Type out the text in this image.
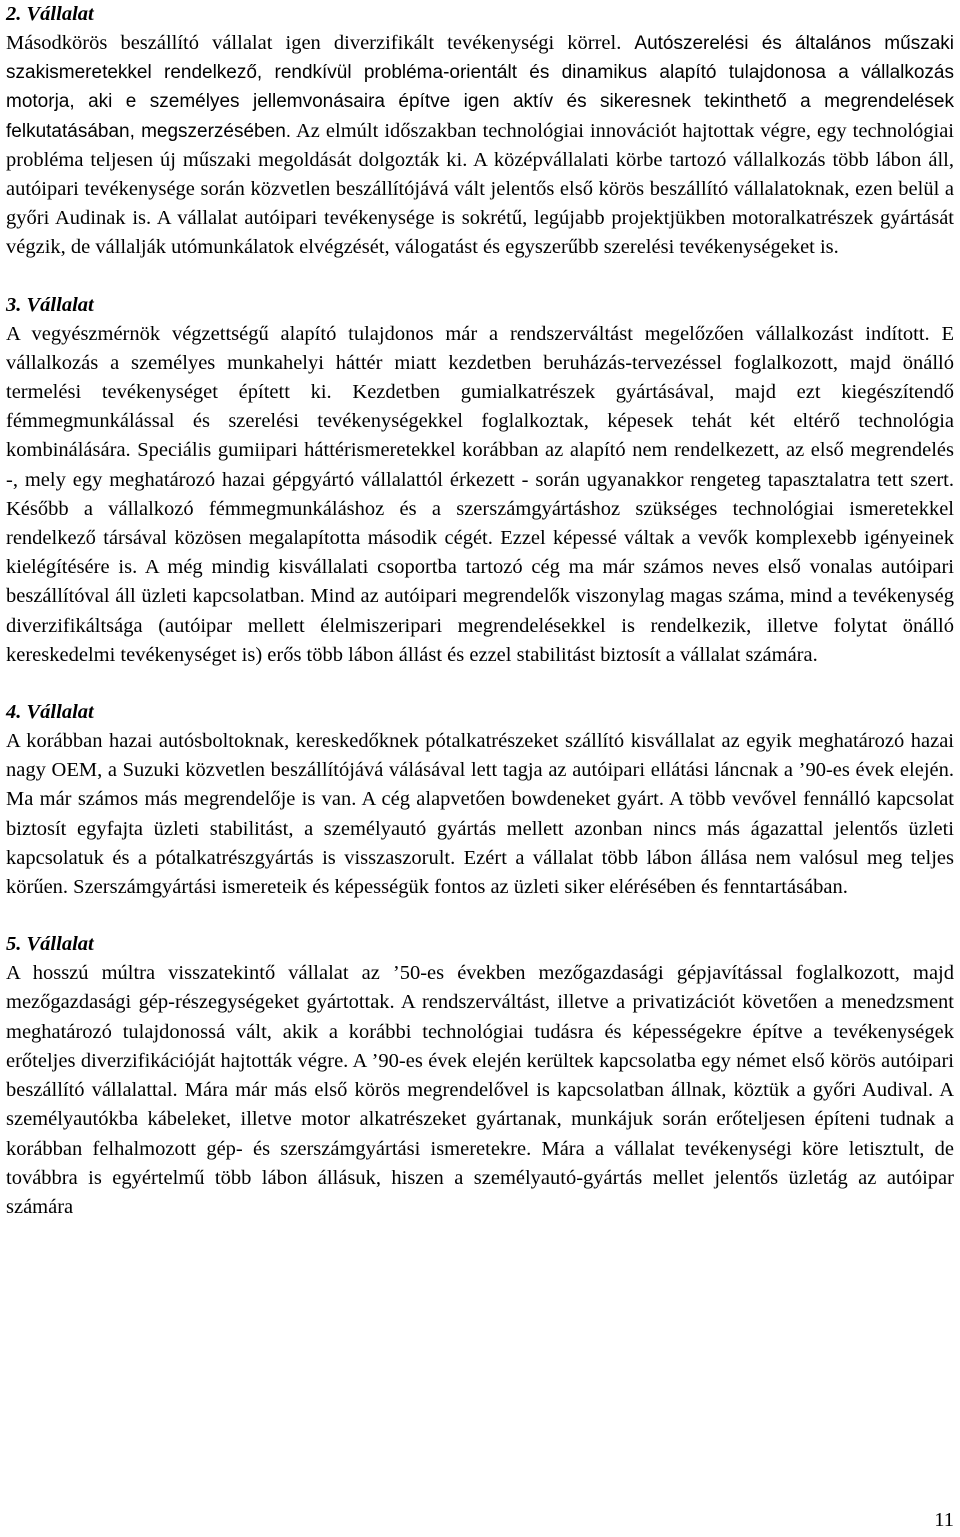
2. Vállalat

Másodkörös beszállító vállalat igen diverzifikált tevékenységi körrel. Autószerelési és általános műszaki szakismeretekkel rendelkező, rendkívül probléma-orientált és dinamikus alapító tulajdonosa a vállalkozás motorja, aki e személyes jellemvonásaira építve igen aktív és sikeresnek tekinthető a megrendelések felkutatásában, megszerzésében. Az elmúlt időszakban technológiai innovációt hajtottak végre, egy technológiai probléma teljesen új műszaki megoldását dolgozták ki. A középvállalati körbe tartozó vállalkozás több lábon áll, autóipari tevékenysége során közvetlen beszállítójává vált jelentős első körös beszállító vállalatoknak, ezen belül a győri Audinak is. A vállalat autóipari tevékenysége is sokrétű, legújabb projektjükben motoralkatrészek gyártását végzik, de vállalják utómunkálatok elvégzését, válogatást és egyszerűbb szerelési tevékenységeket is.

3. Vállalat

A vegyészmérnök végzettségű alapító tulajdonos már a rendszerváltást megelőzően vállalkozást indított. E vállalkozás a személyes munkahelyi háttér miatt kezdetben beruházás-tervezéssel foglalkozott, majd önálló termelési tevékenységet épített ki. Kezdetben gumialkatrészek gyártásával, majd ezt kiegészítendő fémmegmunkálással és szerelési tevékenységekkel foglalkoztak, képesek tehát két eltérő technológia kombinálására. Speciális gumiipari háttérismeretekkel korábban az alapító nem rendelkezett, az első megrendelés -, mely egy meghatározó hazai gépgyártó vállalattól érkezett - során ugyanakkor rengeteg tapasztalatra tett szert. Később a vállalkozó fémmegmunkáláshoz és a szerszámgyártáshoz szükséges technológiai ismeretekkel rendelkező társával közösen megalapította második cégét. Ezzel képessé váltak a vevők komplexebb igényeinek kielégítésére is. A még mindig kisvállalati csoportba tartozó cég ma már számos neves első vonalas autóipari beszállítóval áll üzleti kapcsolatban. Mind az autóipari megrendelők viszonylag magas száma, mind a tevékenység diverzifikáltsága (autóipar mellett élelmiszeripari megrendelésekkel is rendelkezik, illetve folytat önálló kereskedelmi tevékenységet is) erős több lábon állást és ezzel stabilitást biztosít a vállalat számára.

4. Vállalat

A korábban hazai autósboltoknak, kereskedőknek pótalkatrészeket szállító kisvállalat az egyik meghatározó hazai nagy OEM, a Suzuki közvetlen beszállítójává válásával lett tagja az autóipari ellátási láncnak a ’90-es évek elején. Ma már számos más megrendelője is van. A cég alapvetően bowdeneket gyárt. A több vevővel fennálló kapcsolat biztosít egyfajta üzleti stabilitást, a személyautó gyártás mellett azonban nincs más ágazattal jelentős üzleti kapcsolatuk és a pótalkatrészgyártás is visszaszorult. Ezért a vállalat több lábon állása nem valósul meg teljes körűen. Szerszámgyártási ismereteik és képességük fontos az üzleti siker elérésében és fenntartásában.

5. Vállalat

A hosszú múltra visszatekintő vállalat az ’50-es években mezőgazdasági gépjavítással foglalkozott, majd mezőgazdasági gép-részegységeket gyártottak. A rendszerváltást, illetve a privatizációt követően a menedzsment meghatározó tulajdonossá vált, akik a korábbi technológiai tudásra és képességekre építve a tevékenységek erőteljes diverzifikációját hajtották végre. A ’90-es évek elején kerültek kapcsolatba egy német első körös autóipari beszállító vállalattal. Mára már más első körös megrendelővel is kapcsolatban állnak, köztük a győri Audival. A személyautókba kábeleket, illetve motor alkatrészeket gyártanak, munkájuk során erőteljesen építeni tudnak a korábban felhalmozott gép- és szerszámgyártási ismeretekre. Mára a vállalat tevékenységi köre letisztult, de továbbra is egyértelmű több lábon állásuk, hiszen a személyautó-gyártás mellet jelentős üzletág az autóipar számára

11
